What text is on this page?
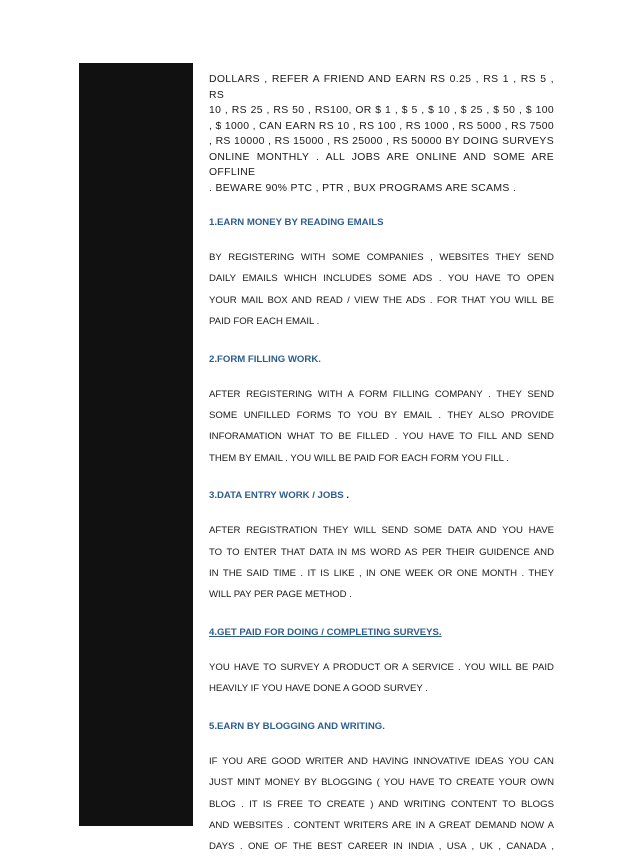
DOLLARS , REFER A FRIEND AND EARN RS 0.25 , RS 1 , RS 5 , RS
10 , RS 25 , RS 50 , RS100, OR $ 1 , $ 5 , $ 10 , $ 25 , $ 50 , $ 100
, $ 1000 , CAN EARN RS 10 , RS 100 , RS 1000 , RS 5000 , RS 7500
, RS 10000 , RS 15000 , RS 25000 , RS 50000 BY DOING SURVEYS
ONLINE MONTHLY . ALL JOBS ARE ONLINE AND SOME ARE OFFLINE
. BEWARE 90% PTC , PTR , BUX PROGRAMS ARE SCAMS .

1.EARN MONEY BY READING EMAILS

BY REGISTERING WITH SOME COMPANIES , WEBSITES THEY SEND
DAILY EMAILS WHICH INCLUDES SOME ADS . YOU HAVE TO OPEN
YOUR MAIL BOX AND READ / VIEW THE ADS . FOR THAT YOU WILL BE
PAID FOR EACH EMAIL .

2.FORM FILLING WORK.

AFTER REGISTERING WITH A FORM FILLING COMPANY . THEY SEND
SOME UNFILLED FORMS TO YOU BY EMAIL . THEY ALSO PROVIDE
INFORAMATION WHAT TO BE FILLED . YOU HAVE TO FILL AND SEND
THEM BY EMAIL . YOU WILL BE PAID FOR EACH FORM YOU FILL .

3.DATA ENTRY WORK / JOBS .

AFTER REGISTRATION THEY WILL SEND SOME DATA AND YOU HAVE
TO TO ENTER THAT DATA IN MS WORD AS PER THEIR GUIDENCE AND
IN THE SAID TIME . IT IS LIKE , IN ONE WEEK OR ONE MONTH . THEY
WILL PAY PER PAGE METHOD .

4.GET PAID FOR DOING / COMPLETING SURVEYS.

YOU HAVE TO SURVEY A PRODUCT OR A SERVICE . YOU WILL BE PAID
HEAVILY IF YOU HAVE DONE A GOOD SURVEY .

5.EARN BY BLOGGING AND WRITING.

IF YOU ARE GOOD WRITER AND HAVING INNOVATIVE IDEAS YOU CAN
JUST MINT MONEY BY BLOGGING ( YOU HAVE TO CREATE YOUR OWN
BLOG . IT IS FREE TO CREATE ) AND WRITING CONTENT TO BLOGS
AND WEBSITES . CONTENT WRITERS ARE IN A GREAT DEMAND NOW A
DAYS . ONE OF THE BEST CAREER IN INDIA , USA , UK , CANADA ,
